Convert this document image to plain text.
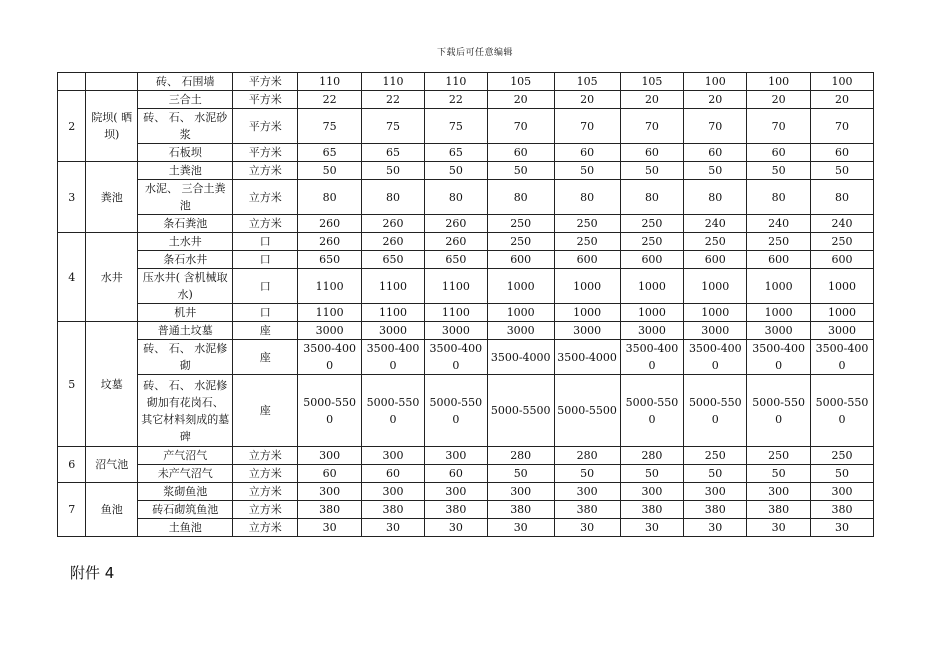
下载后可任意编辑
		砖、 石围墙	平方米	110	110	110	105	105	105	100	100	100
2	院坝( 晒坝)	三合土	平方米	22	22	22	20	20	20	20	20	20
		砖、 石、 水泥砂浆	平方米	75	75	75	70	70	70	70	70	70
		石板坝	平方米	65	65	65	60	60	60	60	60	60
3	粪池	土粪池	立方米	50	50	50	50	50	50	50	50	50
		水泥、 三合土粪池	立方米	80	80	80	80	80	80	80	80	80
		条石粪池	立方米	260	260	260	250	250	250	240	240	240
4	水井	土水井	口	260	260	260	250	250	250	250	250	250
		条石水井	口	650	650	650	600	600	600	600	600	600
		压水井( 含机械取水)	口	1100	1100	1100	1000	1000	1000	1000	1000	1000
		机井	口	1100	1100	1100	1000	1000	1000	1000	1000	1000
5	坟墓	普通土坟墓	座	3000	3000	3000	3000	3000	3000	3000	3000	3000
		砖、 石、 水泥修砌	座	3500-4000	3500-4000	3500-4000	3500-4000	3500-4000	3500-4000	3500-4000	3500-4000	3500-4000
		砖、 石、 水泥修砌加有花岗石、 其它材料刻成的墓碑	座	5000-5500	5000-5500	5000-5500	5000-5500	5000-5500	5000-5500	5000-5500	5000-5500	5000-5500
6	沼气池	产气沼气	立方米	300	300	300	280	280	280	250	250	250
		未产气沼气	立方米	60	60	60	50	50	50	50	50	50
7	鱼池	浆砌鱼池	立方米	300	300	300	300	300	300	300	300	300
		砖石砌筑鱼池	立方米	380	380	380	380	380	380	380	380	380
		土鱼池	立方米	30	30	30	30	30	30	30	30	30
附件 4
